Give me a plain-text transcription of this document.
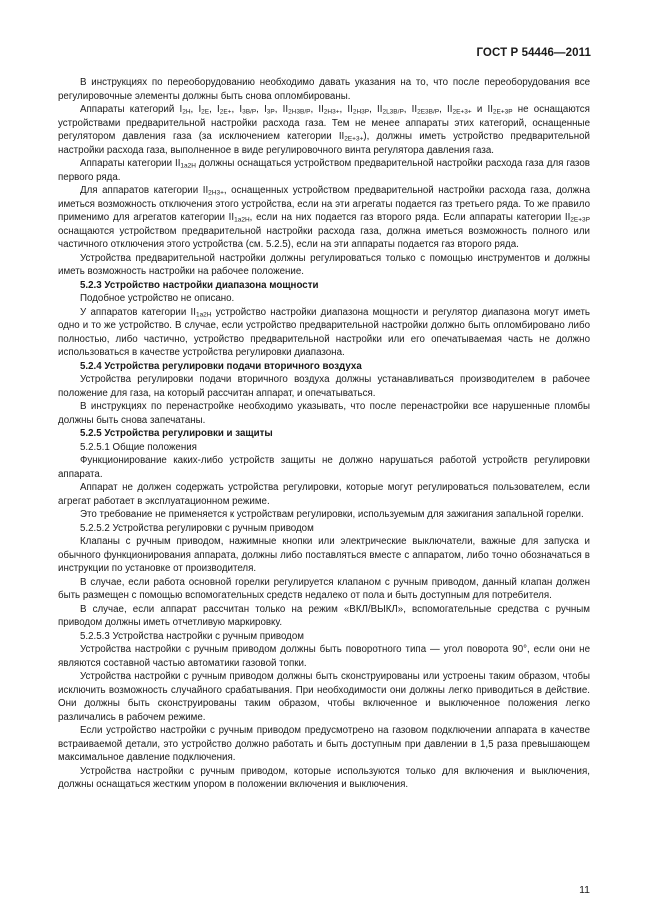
ГОСТ Р 54446—2011

В инструкциях по переоборудованию необходимо давать указания на то, что после переоборудования все регулировочные элементы должны быть снова опломбированы.

Аппараты категорий $I_{2H}$, $I_{2E}$, $I_{2E+}$, $I_{3B/P}$, $I_{3P}$, $II_{2H3B/P}$, $II_{2H3+}$, $II_{2H3P}$, $II_{2L3B/P}$, $II_{2E3B/P}$, $II_{2E+3+}$ и $II_{2E+3P}$ не оснащаются устройствами предварительной настройки расхода газа. Тем не менее аппараты этих категорий, оснащенные регулятором давления газа (за исключением категории $II_{2E+3+}$), должны иметь устройство предварительной настройки расхода газа, выполненное в виде регулировочного винта регулятора давления газа.

Аппараты категории $II_{1a2H}$ должны оснащаться устройством предварительной настройки расхода газа для газов первого ряда.

Для аппаратов категории $II_{2H3+}$, оснащенных устройством предварительной настройки расхода газа, должна иметься возможность отключения этого устройства, если на эти агрегаты подается газ третьего ряда. То же правило применимо для агрегатов категории $II_{1a2H}$, если на них подается газ второго ряда. Если аппараты категории $II_{2E+3P}$ оснащаются устройством предварительной настройки расхода газа, должна иметься возможность полного или частичного отключения этого устройства (см. 5.2.5), если на эти аппараты подается газ второго ряда.

Устройства предварительной настройки должны регулироваться только с помощью инструментов и должны иметь возможность настройки на рабочее положение.

5.2.3 Устройство настройки диапазона мощности

Подобное устройство не описано.

У аппаратов категории $II_{1a2H}$ устройство настройки диапазона мощности и регулятор диапазона могут иметь одно и то же устройство. В случае, если устройство предварительной настройки должно быть опломбировано либо полностью, либо частично, устройство предварительной настройки или его опечатываемая часть не должно использоваться в качестве устройства регулировки диапазона.

5.2.4 Устройства регулировки подачи вторичного воздуха

Устройства регулировки подачи вторичного воздуха должны устанавливаться производителем в рабочее положение для газа, на который рассчитан аппарат, и опечатываться.

В инструкциях по перенастройке необходимо указывать, что после перенастройки все нарушенные пломбы должны быть снова запечатаны.

5.2.5 Устройства регулировки и защиты

5.2.5.1 Общие положения

Функционирование каких-либо устройств защиты не должно нарушаться работой устройств регулировки аппарата.

Аппарат не должен содержать устройства регулировки, которые могут регулироваться пользователем, если агрегат работает в эксплуатационном режиме.

Это требование не применяется к устройствам регулировки, используемым для зажигания запальной горелки.

5.2.5.2 Устройства регулировки с ручным приводом

Клапаны с ручным приводом, нажимные кнопки или электрические выключатели, важные для запуска и обычного функционирования аппарата, должны либо поставляться вместе с аппаратом, либо точно обозначаться в инструкции по установке от производителя.

В случае, если работа основной горелки регулируется клапаном с ручным приводом, данный клапан должен быть размещен с помощью вспомогательных средств недалеко от пола и быть доступным для потребителя.

В случае, если аппарат рассчитан только на режим «ВКЛ/ВЫКЛ», вспомогательные средства с ручным приводом должны иметь отчетливую маркировку.

5.2.5.3 Устройства настройки с ручным приводом

Устройства настройки с ручным приводом должны быть поворотного типа — угол поворота 90°, если они не являются составной частью автоматики газовой топки.

Устройства настройки с ручным приводом должны быть сконструированы или устроены таким образом, чтобы исключить возможность случайного срабатывания. При необходимости они должны легко приводиться в действие. Они должны быть сконструированы таким образом, чтобы включенное и выключенное положения легко различались в рабочем режиме.

Если устройство настройки с ручным приводом предусмотрено на газовом подключении аппарата в качестве встраиваемой детали, это устройство должно работать и быть доступным при давлении в 1,5 раза превышающем максимальное давление подключения.

Устройства настройки с ручным приводом, которые используются только для включения и выключения, должны оснащаться жестким упором в положении включения и выключения.

11
